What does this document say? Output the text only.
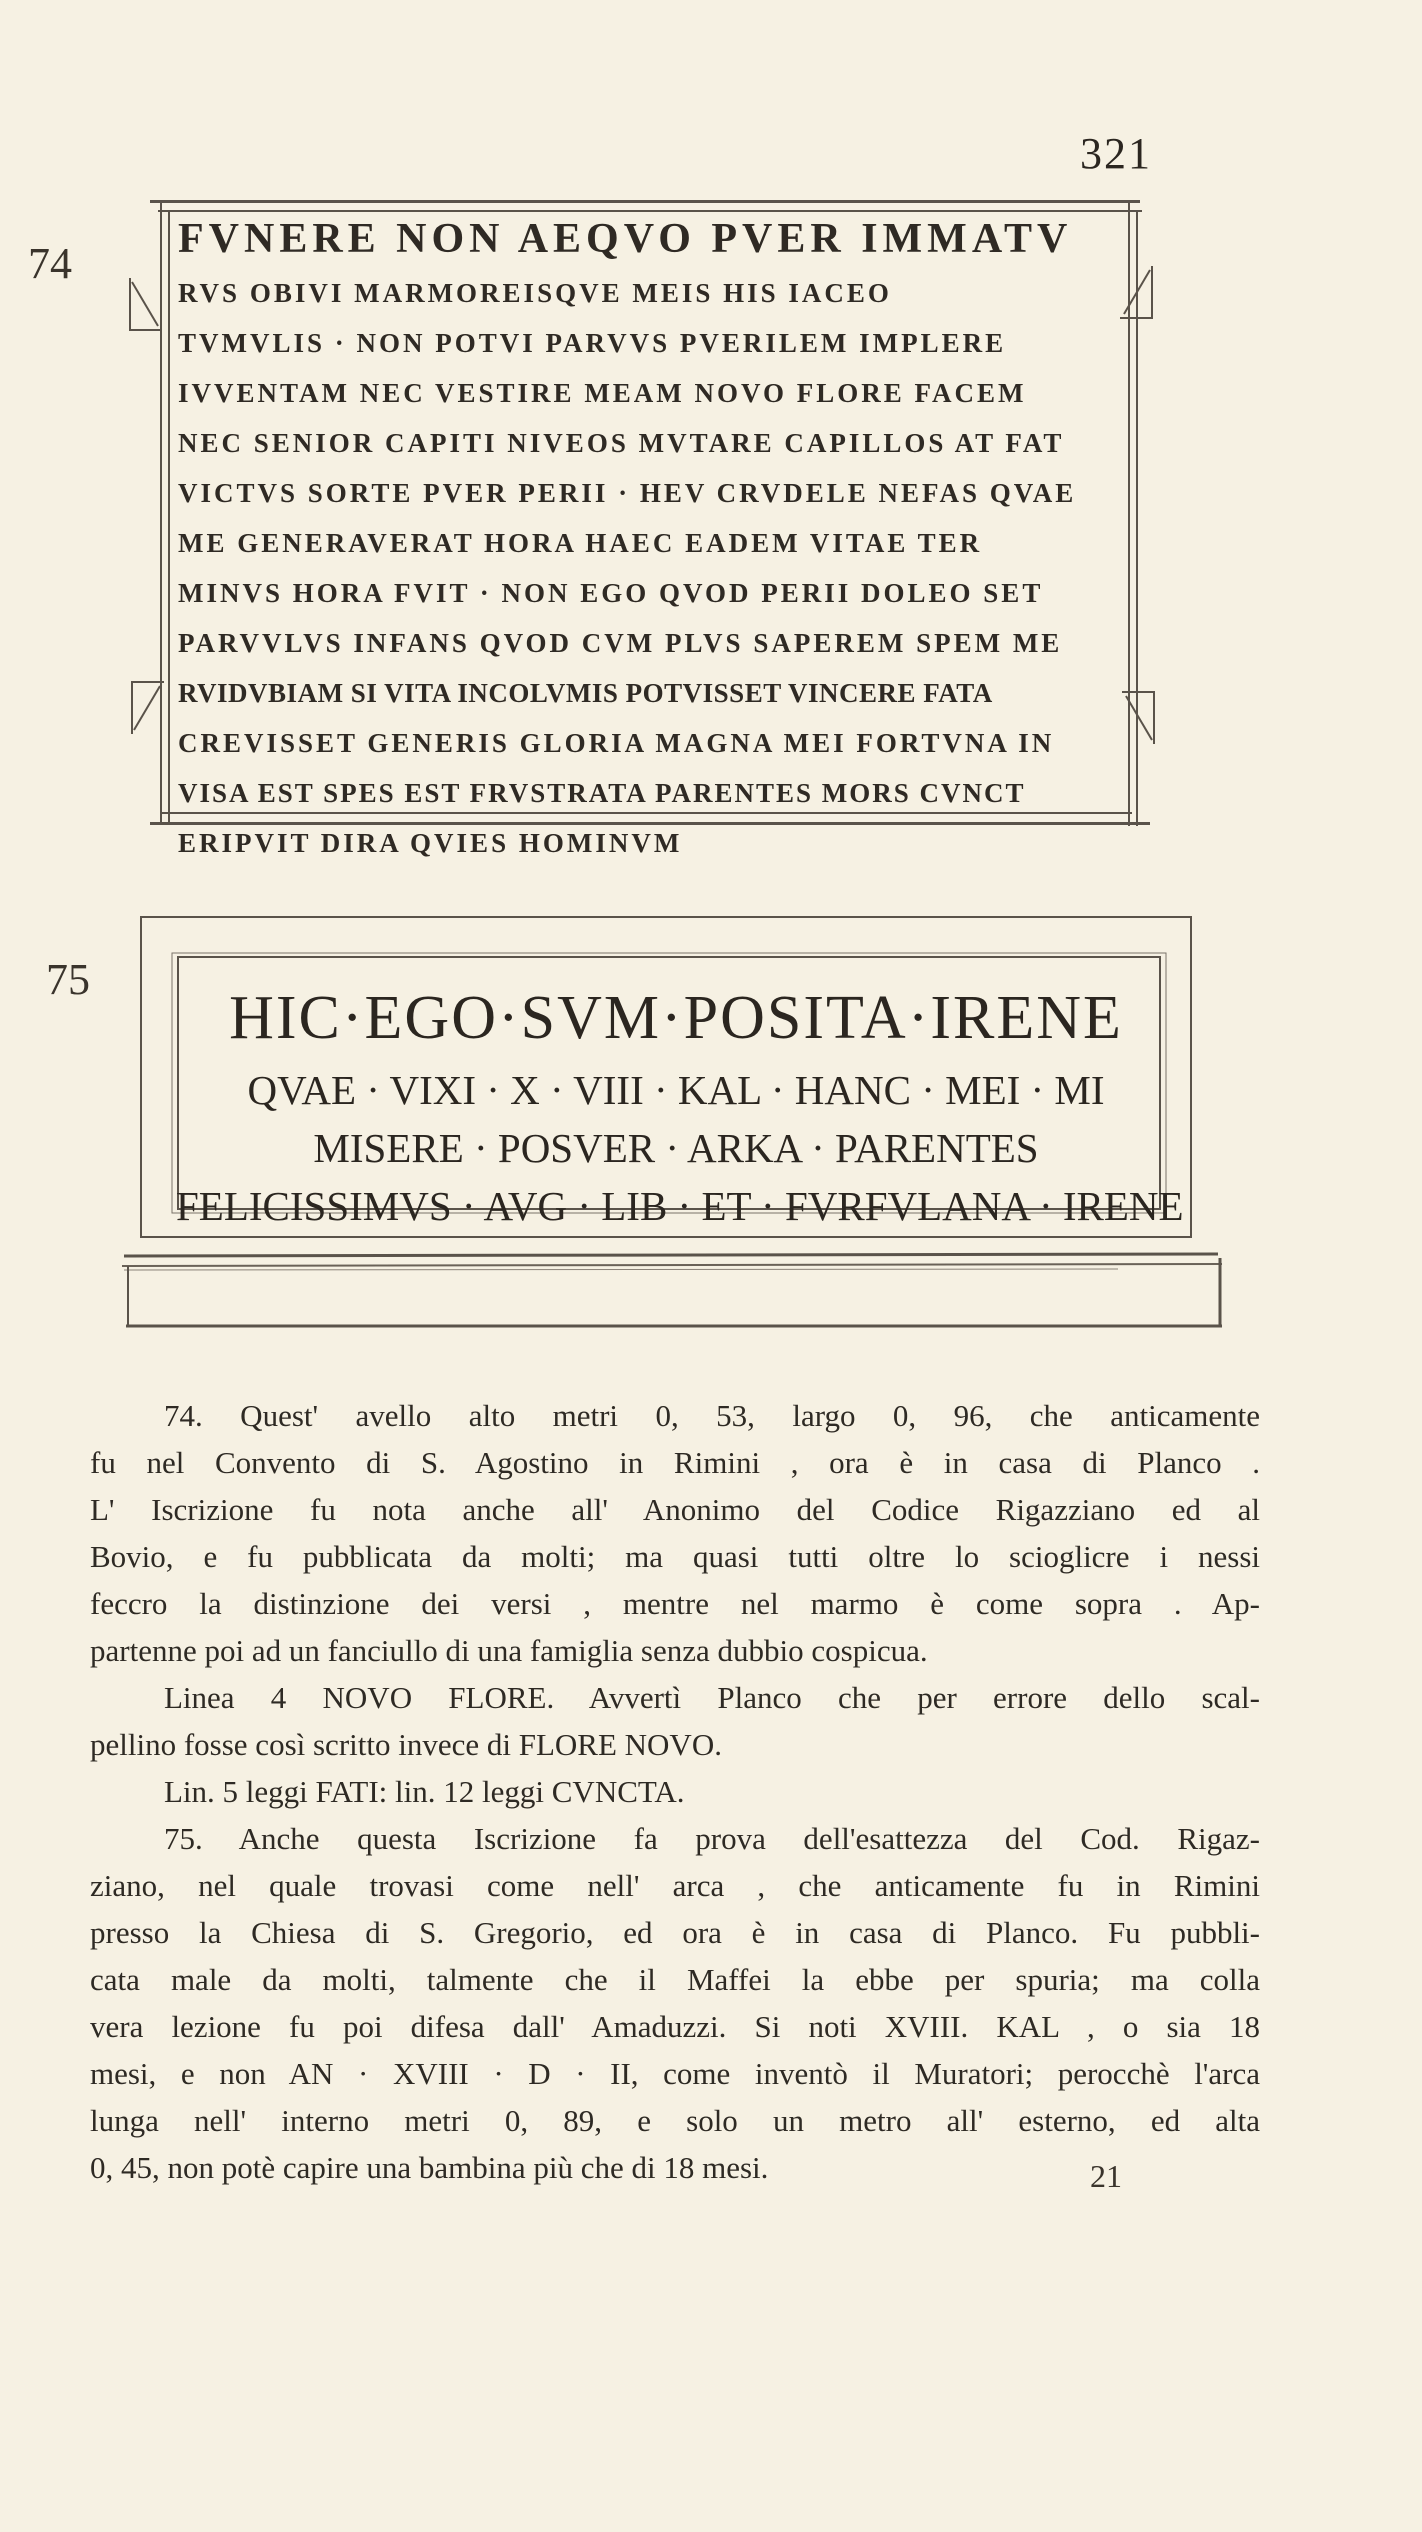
321
74	FVNERE NON AEQVO PVER IMMATV
RVS OBIVI MARMOREISQVE MEIS HIS IACEO
TVMVLIS · NON POTVI PARVVS PVERILEM IMPLERE
IVVENTAM NEC VESTIRE MEAM NOVO FLORE FACEM
NEC SENIOR CAPITI NIVEOS MVTARE CAPILLOS AT FAT
VICTVS SORTE PVER PERII · HEV CRVDELE NEFAS QVAE
ME GENERAVERAT HORA HAEC EADEM VITAE TER
MINVS HORA FVIT · NON EGO QVOD PERII DOLEO SET
PARVVLVS INFANS QVOD CVM PLVS SAPEREM SPEM ME
RVIDVBIAM SI VITA INCOLVMIS POTVISSET VINCERE FATA
CREVISSET GENERIS GLORIA MAGNA MEI FORTVNA IN
VISA EST SPES EST FRVSTRATA PARENTES MORS CVNCT
ERIPVIT DIRA QVIES HOMINVM
75
HIC·EGO·SVM·POSITA·IRENE
QVAE · VIXI · X · VIII · KAL · HANC · MEI · MI
MISERE · POSVER · ARKA · PARENTES
FELICISSIMVS · AVG · LIB · ET · FVRFVLANA · IRENE

74. Quest' avello alto metri 0, 53, largo 0, 96, che anticamente

fu nel Convento di S. Agostino in Rimini , ora è in casa di Planco .

L' Iscrizione fu nota anche all' Anonimo del Codice Rigazziano ed al

Bovio, e fu pubblicata da molti; ma quasi tutti oltre lo scioglicre i nessi

feccro la distinzione dei versi , mentre nel marmo è come sopra . Ap-

partenne poi ad un fanciullo di una famiglia senza dubbio cospicua.

Linea 4 NOVO FLORE. Avvertì Planco che per errore dello scal-

pellino fosse così scritto invece di FLORE NOVO.

Lin. 5 leggi FATI: lin. 12 leggi CVNCTA.

75. Anche questa Iscrizione fa prova dell'esattezza del Cod. Rigaz-

ziano, nel quale trovasi come nell' arca , che anticamente fu in Rimini

presso la Chiesa di S. Gregorio, ed ora è in casa di Planco. Fu pubbli-

cata male da molti, talmente che il Maffei la ebbe per spuria; ma colla

vera lezione fu poi difesa dall' Amaduzzi. Si noti XVIII. KAL , o sia 18

mesi, e non AN · XVIII · D · II, come inventò il Muratori; perocchè l'arca

lunga nell' interno metri 0, 89, e solo un metro all' esterno, ed alta

0, 45, non potè capire una bambina più che di 18 mesi.	21
